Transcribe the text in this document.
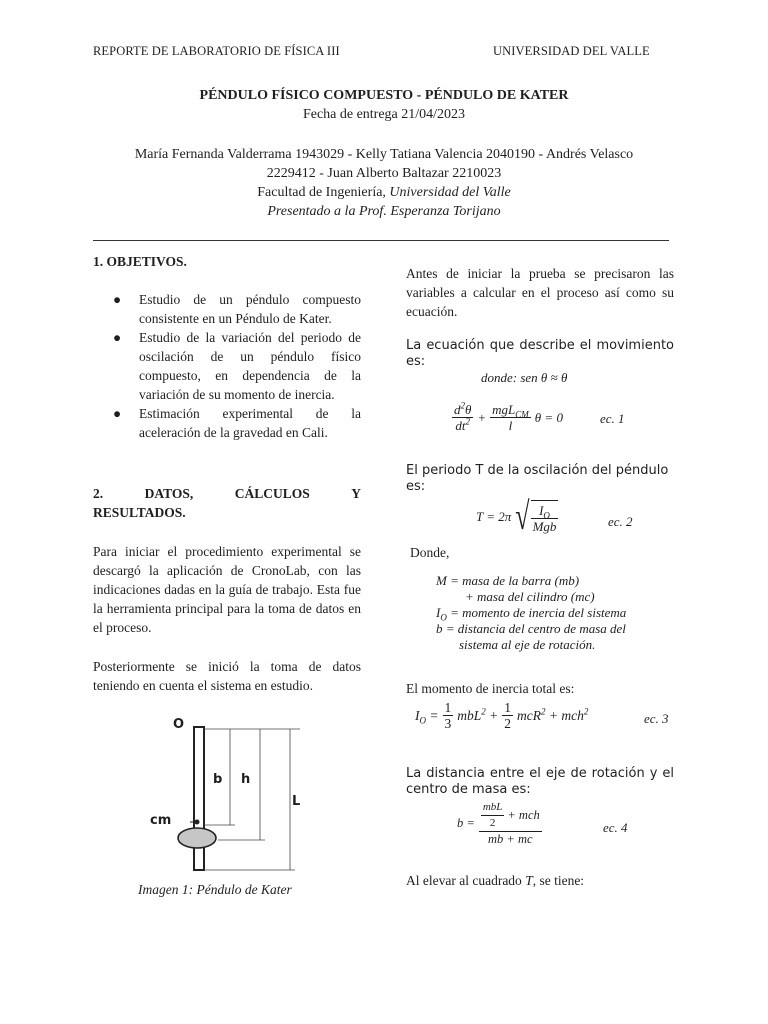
REPORTE DE LABORATORIO DE FÍSICA III	UNIVERSIDAD DEL VALLE
PÉNDULO FÍSICO COMPUESTO - PÉNDULO DE KATER
Fecha de entrega 21/04/2023
María Fernanda Valderrama 1943029 - Kelly Tatiana Valencia 2040190 - Andrés Velasco
2229412 - Juan Alberto Baltazar 2210023
Facultad de Ingeniería, Universidad del Valle
Presentado a la Prof. Esperanza Torijano
1. OBJETIVOS.
● Estudio de un péndulo compuesto consistente en un Péndulo de Kater.
● Estudio de la variación del periodo de oscilación de un péndulo físico compuesto, en dependencia de la variación de su momento de inercia.
● Estimación experimental de la aceleración de la gravedad en Cali.
2.	DATOS,	CÁLCULOS	Y
RESULTADOS.
Para iniciar el procedimiento experimental se descargó la aplicación de CronoLab, con las indicaciones dadas en la guía de trabajo. Esta fue la herramienta principal para la toma de datos en el proceso.
Posteriormente se inició la toma de datos teniendo en cuenta el sistema en estudio.
O
b h
L
cm
Imagen 1: Péndulo de Kater
Antes de iniciar la prueba se precisaron las variables a calcular en el proceso así como su ecuación.
La ecuación que describe el movimiento es:
donde: sen θ ≈ θ
$\frac{d^2\theta}{dt^2} + \frac{mgL_{CM}}{l}$ θ = 0	ec. 1
El periodo T de la oscilación del péndulo es:
T = 2π √ $\frac{I_O}{\text{Mgb}}$	ec. 2
Donde,
M = masa de la barra (mb)
+ masa del cilindro (mc)
$I_O$ = momento de inercia del sistema
b = distancia del centro de masa del
sistema al eje de rotación.
El momento de inercia total es:
$I_O = \frac{1}{3} mbL^2 + \frac{1}{2} mcR^2 + mch^2$	ec. 3
La distancia entre el eje de rotación y el centro de masa es:
$b = \frac{\frac{\text{mbL}}{2} + mch}{mb + mc}$	ec. 4
Al elevar al cuadrado T, se tiene:
